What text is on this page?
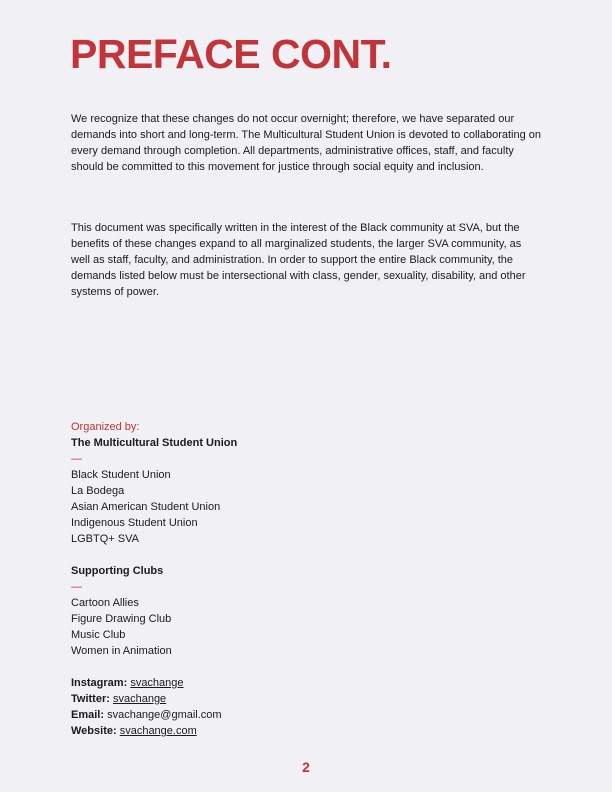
PREFACE CONT.

We recognize that these changes do not occur overnight; therefore, we have separated our demands into short and long-term. The Multicultural Student Union is devoted to collaborating on every demand through completion. All departments, administrative offices, staff, and faculty should be committed to this movement for justice through social equity and inclusion.

This document was specifically written in the interest of the Black community at SVA, but the benefits of these changes expand to all marginalized students, the larger SVA community, as well as staff, faculty, and administration. In order to support the entire Black community, the demands listed below must be intersectional with class, gender, sexuality, disability, and other systems of power.

Organized by:
The Multicultural Student Union
—
Black Student Union
La Bodega
Asian American Student Union
Indigenous Student Union
LGBTQ+ SVA
Supporting Clubs
—
Cartoon Allies
Figure Drawing Club
Music Club
Women in Animation
Instagram: svachange
Twitter: svachange
Email: svachange@gmail.com
Website: svachange.com
2
